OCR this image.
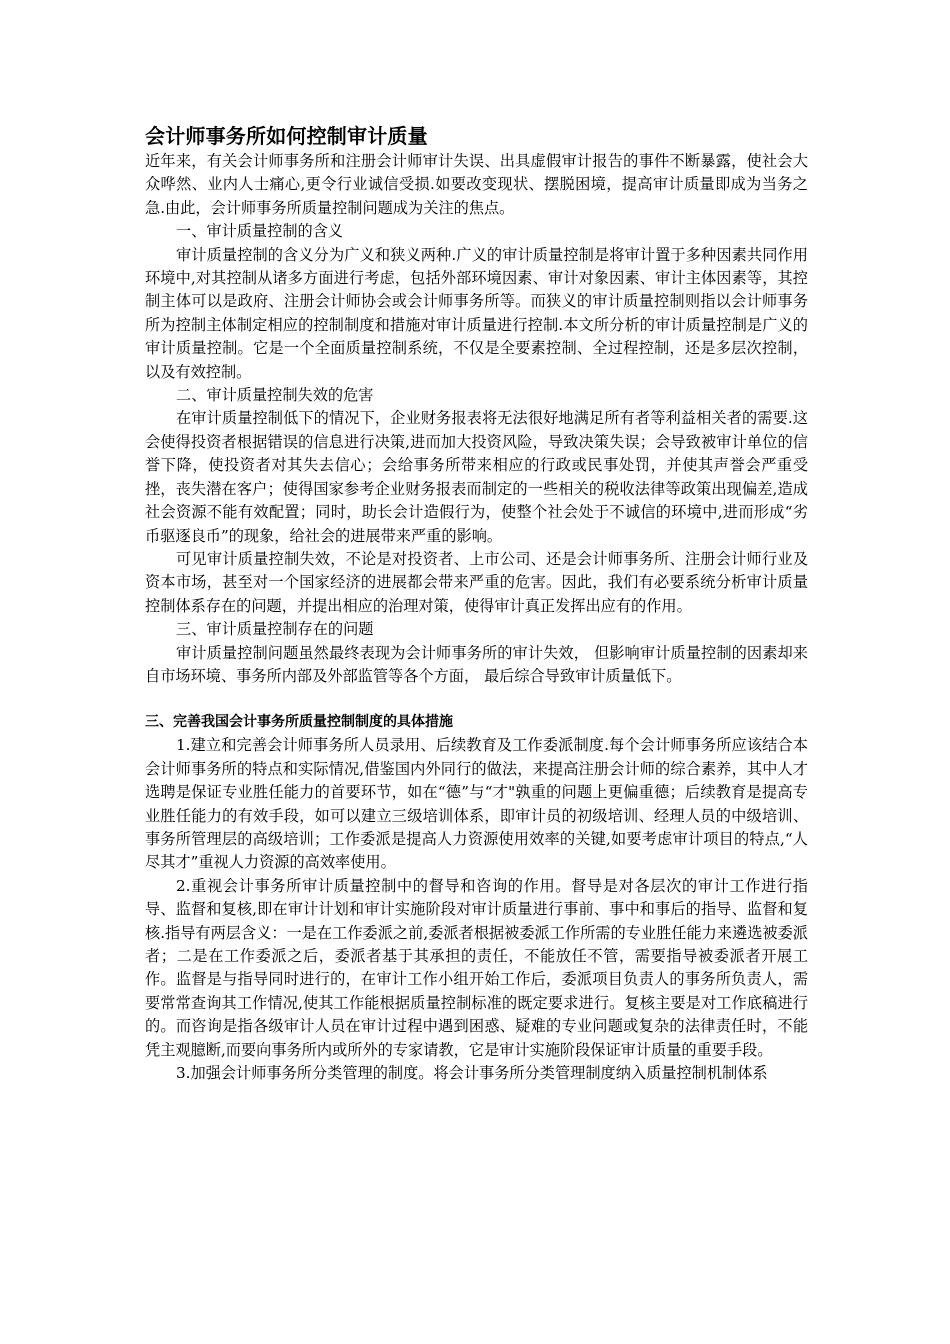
会计师事务所如何控制审计质量

近年来，有关会计师事务所和注册会计师审计失误、出具虚假审计报告的事件不断暴露，使社会大众哗然、业内人士痛心,更令行业诚信受损.如要改变现状、摆脱困境，提高审计质量即成为当务之急.由此，会计师事务所质量控制问题成为关注的焦点。

一、审计质量控制的含义

审计质量控制的含义分为广义和狭义两种.广义的审计质量控制是将审计置于多种因素共同作用环境中,对其控制从诸多方面进行考虑，包括外部环境因素、审计对象因素、审计主体因素等，其控制主体可以是政府、注册会计师协会或会计师事务所等。而狭义的审计质量控制则指以会计师事务所为控制主体制定相应的控制制度和措施对审计质量进行控制.本文所分析的审计质量控制是广义的审计质量控制。它是一个全面质量控制系统，不仅是全要素控制、全过程控制，还是多层次控制，以及有效控制。

二、审计质量控制失效的危害

在审计质量控制低下的情况下，企业财务报表将无法很好地满足所有者等利益相关者的需要.这会使得投资者根据错误的信息进行决策,进而加大投资风险，导致决策失误；会导致被审计单位的信誉下降，使投资者对其失去信心；会给事务所带来相应的行政或民事处罚，并使其声誉会严重受挫，丧失潜在客户；使得国家参考企业财务报表而制定的一些相关的税收法律等政策出现偏差,造成社会资源不能有效配置；同时，助长会计造假行为，使整个社会处于不诚信的环境中,进而形成“劣币驱逐良币”的现象，给社会的进展带来严重的影响。

可见审计质量控制失效，不论是对投资者、上市公司、还是会计师事务所、注册会计师行业及资本市场，甚至对一个国家经济的进展都会带来严重的危害。因此，我们有必要系统分析审计质量控制体系存在的问题，并提出相应的治理对策，使得审计真正发挥出应有的作用。

三、审计质量控制存在的问题

审计质量控制问题虽然最终表现为会计师事务所的审计失效， 但影响审计质量控制的因素却来自市场环境、事务所内部及外部监管等各个方面， 最后综合导致审计质量低下。

三、完善我国会计事务所质量控制制度的具体措施

1.建立和完善会计师事务所人员录用、后续教育及工作委派制度.每个会计师事务所应该结合本会计师事务所的特点和实际情况,借鉴国内外同行的做法，来提高注册会计师的综合素养，其中人才选聘是保证专业胜任能力的首要环节，如在“德”与“才"孰重的问题上更偏重德；后续教育是提高专业胜任能力的有效手段，如可以建立三级培训体系，即审计员的初级培训、经理人员的中级培训、事务所管理层的高级培训；工作委派是提高人力资源使用效率的关键,如要考虑审计项目的特点,“人尽其才”重视人力资源的高效率使用。

2.重视会计事务所审计质量控制中的督导和咨询的作用。督导是对各层次的审计工作进行指导、监督和复核,即在审计计划和审计实施阶段对审计质量进行事前、事中和事后的指导、监督和复核.指导有两层含义：一是在工作委派之前,委派者根据被委派工作所需的专业胜任能力来遴选被委派者；二是在工作委派之后，委派者基于其承担的责任，不能放任不管，需要指导被委派者开展工作。监督是与指导同时进行的，在审计工作小组开始工作后，委派项目负责人的事务所负责人，需要常常查询其工作情况,使其工作能根据质量控制标准的既定要求进行。复核主要是对工作底稿进行的。而咨询是指各级审计人员在审计过程中遇到困惑、疑难的专业问题或复杂的法律责任时，不能凭主观臆断,而要向事务所内或所外的专家请教，它是审计实施阶段保证审计质量的重要手段。

3.加强会计师事务所分类管理的制度。将会计事务所分类管理制度纳入质量控制机制体系
